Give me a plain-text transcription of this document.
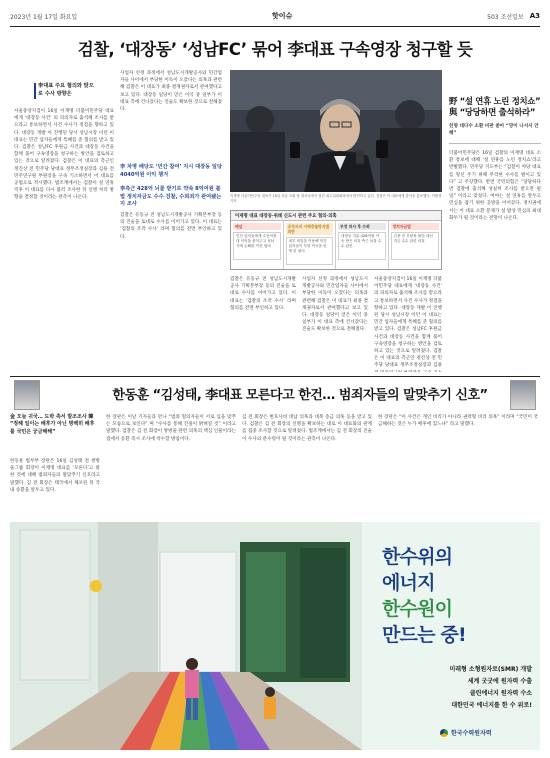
2023년 1월 17일 화요일	핫이슈	503 조선일보 A3
검찰, ‘대장동’ ‘성남FC’ 묶어 李대표 구속영장 청구할 듯
李대표 주요 혐의와 맞으로 수사 방향은
서울중앙지검이 16일 이재명 더불어민주당 대표에게 ‘대장동 사건’ 의 피의자로 출석해 조사를 받으라고 통보하면서 사건 수사가 정점을 향하고 있다. 대장동 개발 이 진행된 당시 성남시장 이던 이 대표는 민간 업자들에게 특혜를 준 혐의를 받고 있다. 검찰은 성남FC 후원금 사건과 대장동 사건을 함께 묶어 구속영장을 청구하는 방안을 검토하고 있는 것으로 알려졌다. 검찰은 이 대표의 측근인 정진상 전 민주당 당대표 정무조정실장과 김용 전 민주연구원 부원장을 구속 기소하면서 이 대표를 공범으로 적시했다. 법조계에서는 검찰이 설 연휴 직후 이 대표를 다시 불러 조사한 뒤 신병 처리 방향을 결정할 것이라는 관측이 나온다.
사업자 선정 과정에서 성남도시개발공사와 민간업자들 사이에서 부당한 이득이 오갔다는 의혹과 관련해 검찰은 이 대표가 최종 결재권자로서 관여했다고 보고 있다. 대장동 일당이 얻은 이익 중 일부가 이 대표 측에 건너갔다는 진술도 확보한 것으로 전해졌다.
李 차명 배당도 ‘민간 참여’ 지시 대장동 일당 4040억원 이익 챙겨
李측근 428억 뇌물 받기로 약속 8억여원 불법 정치자금도 수수 검찰, 수뢰죄가 관여됐는지 조사
검찰은 유동규 전 성남도시개발공사 기획본부장 등의 진술을 토대로 수사를 이어가고 있다. 이 대표는 ‘검찰의 조작 수사’ 라며 혐의를 전면 부인하고 있다.
이재명 더불어민주당 대표가 16일 서울 국회 당 대표실에서 열린 최고위원회의에서 발언하고 있다. 검찰은 이 대표에게 출석을 통보했다. 이태경 기자
이재명 대표 대장동·위례 신도시 관련 주요 혐의·의혹
배임
민간 업자들에게 수천억원대 이익을 몰아주고 성남시에 손해를 끼친 혐의
공직자의 이해충돌방지법 위반
내부 비밀을 이용해 민간 업자들이 부당 이득을 얻게 한 혐의
부정 처사 후 수뢰
대장동 지분 428억원 약속 받은 의혹 측근 뇌물 수수 관련
정치자금법
김용 전 부원장 불법 대선 자금 수수 관련 의혹
검찰은 유동규 전 성남도시개발공사 기획본부장 등의 진술을 토대로 수사를 이어가고 있다. 이 대표는 ‘검찰의 조작 수사’ 라며 혐의를 전면 부인하고 있다.
사업자 선정 과정에서 성남도시개발공사와 민간업자들 사이에서 부당한 이득이 오갔다는 의혹과 관련해 검찰은 이 대표가 최종 결재권자로서 관여했다고 보고 있다. 대장동 일당이 얻은 이익 중 일부가 이 대표 측에 건너갔다는 진술도 확보한 것으로 전해졌다.
서울중앙지검이 16일 이재명 더불어민주당 대표에게 ‘대장동 사건’ 의 피의자로 출석해 조사를 받으라고 통보하면서 사건 수사가 정점을 향하고 있다. 대장동 개발 이 진행된 당시 성남시장 이던 이 대표는 민간 업자들에게 특혜를 준 혐의를 받고 있다. 검찰은 성남FC 후원금 사건과 대장동 사건을 함께 묶어 구속영장을 청구하는 방안을 검토하고 있는 것으로 알려졌다. 검찰은 이 대표의 측근인 정진상 전 민주당 당대표 정무조정실장과 김용
野 “설 연휴 노린 정치쇼” 與 “당당하면 출석하라”
친명 대다수 소환 비판 쏟아 “망이 나서서 안해”
더불어민주당은 16일 검찰의 이재명 대표 소환 통보에 대해 ‘설 연휴를 노린 정치쇼’라고 반발했다. 민주당 지도부는 “검찰이 야당 대표를 망신 주기 위해 무리한 수사를 벌이고 있다” 고 주장했다. 반면 국민의힘은 “당당하다면 검찰에 출석해 성실히 조사를 받으면 될 일” 이라고 맞섰다. 여야는 설 연휴를 앞두고 민심을 잡기 위한 공방을 이어갔다. 정치권에서는 이 대표 소환 문제가 설 밥상 민심의 최대 화두가 될 것이라는 전망이 나온다.
한동훈 “김성태, 李대표 모른다고 한건… 범죄자들의 말맞추기 신호”
金 오늘 귀국… 도박 측서 말조조사 韓 “정해 일이는 배후가 아닌 명백히 배후를 국민은 궁금해해”
한동훈 법무부 장관은 16일 김성태 전 쌍방울그룹 회장이 이재명 대표를 ‘모른다’고 말한 것에 대해 범죄자들의 말맞추기 신호라고 말했다. 김 전 회장은 태국에서 체포된 뒤 국내 송환을 앞두고 있다.
한 장관은 이날 기자들과 만나 “범죄 혐의자들이 서로 입을 맞추는 모습으로 보인다” 며 “수사를 통해 진실이 밝혀질 것” 이라고 말했다. 검찰은 김 전 회장이 쌍방울 관련 의혹의 핵심 인물이라는 점에서 송환 즉시 조사에 착수할 방침이다.
김 전 회장은 변호사비 대납 의혹과 대북 송금 의혹 등을 받고 있다. 검찰은 김 전 회장의 신병을 확보하는 대로 이 대표와의 관계를 집중 조사할 것으로 알려졌다. 법조계에서는 김 전 회장의 진술이 수사의 분수령이 될 것이라는 관측이 나온다.
한 장관은 “이 사건은 개인 비리가 아니라 권력형 비리 의혹” 이라며 “국민이 궁금해하는 것은 누가 배후에 있느냐” 라고 말했다.
한수위의
에너지
한수원이
만드는 중!
미래형 소형원자로(SMR) 개발
세계 굿굿에 원자력 수출
클린에너지 원자력 수소
대한민국 에너지를 한 수 위로!
한국수력원자력
